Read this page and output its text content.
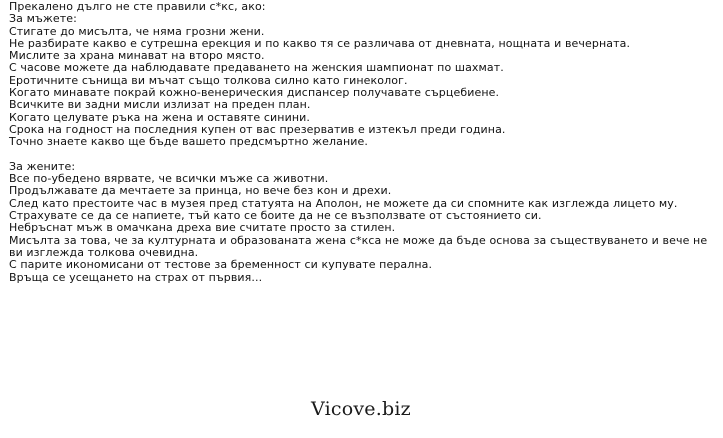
Прекалено дълго не сте правили с*кс, ако:
За мъжете:
Стигате до мисълта, че няма грозни жени.
Не разбирате какво е сутрешна ерекция и по какво тя се различава от дневната, нощната и вечерната.
Мислите за храна минават на второ място.
С часове можете да наблюдавате предаването на женския шампионат по шахмат.
Еротичните сънища ви мъчат също толкова силно като гинеколог.
Когато минавате покрай кожно-венерическия диспансер получавате сърцебиене.
Всичките ви задни мисли излизат на преден план.
Когато целувате ръка на жена и оставяте синини.
Срока на годност на последния купен от вас презерватив е изтекъл преди година.
Точно знаете какво ще бъде вашето предсмъртно желание.
За жените:
Все по-убедено вярвате, че всички мъже са животни.
Продължавате да мечтаете за принца, но вече без кон и дрехи.
След като престоите час в музея пред статуята на Аполон, не можете да си спомните как изглежда лицето му.
Страхувате се да се напиете, тъй като се боите да не се възползвате от състоянието си.
Небръснат мъж в омачкана дреха вие считате просто за стилен.
Мисълта за това, че за културната и образованата жена с*кса не може да бъде основа за съществуването и вече не ви изглежда толкова очевидна.
С парите икономисани от тестове за бременност си купувате перална.
Връща се усещането на страх от първия...
Vicove.biz
